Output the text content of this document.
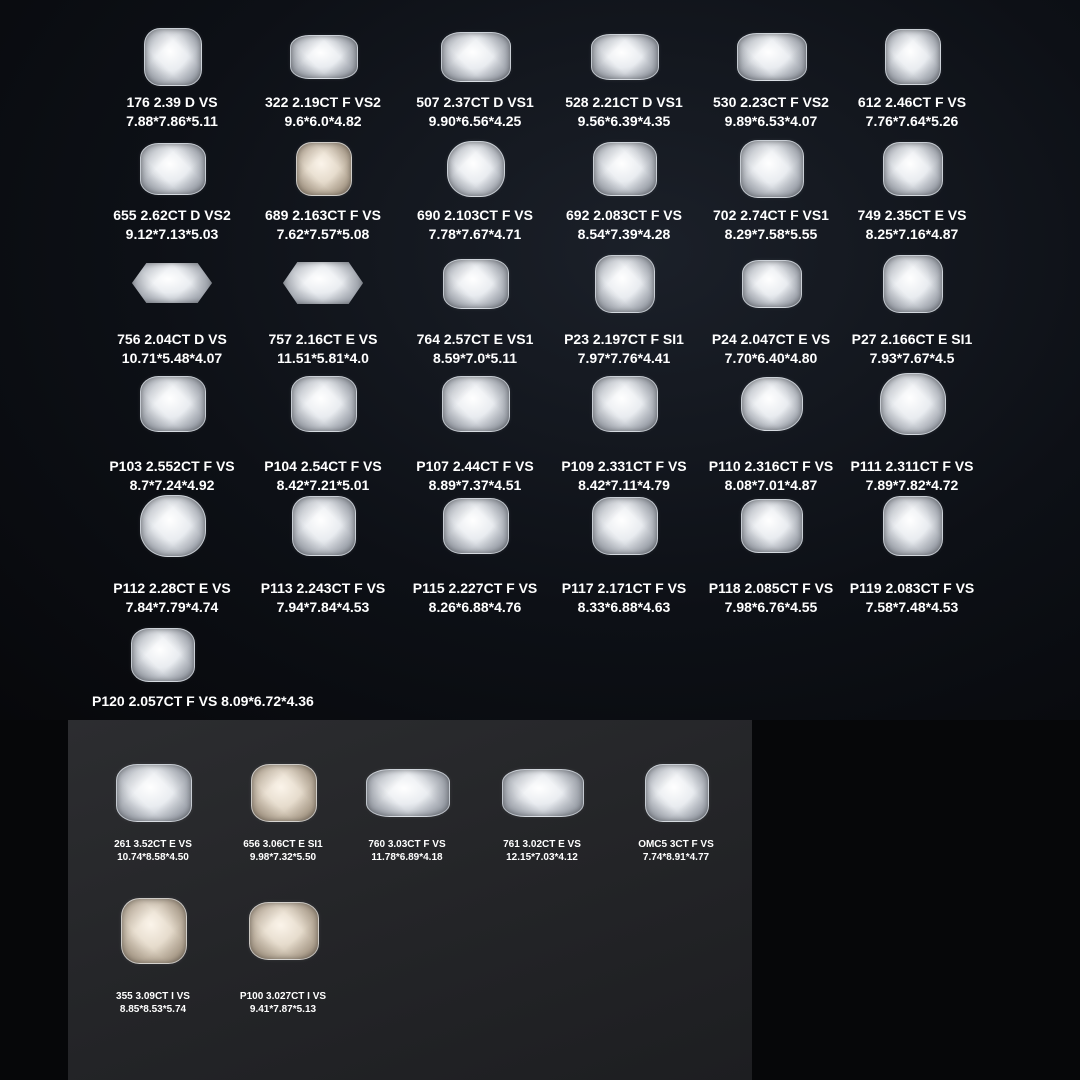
176 2.39 D VS
7.88*7.86*5.11
322 2.19CT F VS2
9.6*6.0*4.82
507 2.37CT D VS1
9.90*6.56*4.25
528 2.21CT D VS1
9.56*6.39*4.35
530 2.23CT F VS2
9.89*6.53*4.07
612 2.46CT F VS
7.76*7.64*5.26
655 2.62CT D VS2
9.12*7.13*5.03
689 2.163CT F VS
7.62*7.57*5.08
690 2.103CT F VS
7.78*7.67*4.71
692 2.083CT F VS
8.54*7.39*4.28
702 2.74CT F VS1
8.29*7.58*5.55
749 2.35CT E VS
8.25*7.16*4.87
756 2.04CT D VS
10.71*5.48*4.07
757 2.16CT E VS
11.51*5.81*4.0
764 2.57CT E VS1
8.59*7.0*5.11
P23 2.197CT F SI1
7.97*7.76*4.41
P24 2.047CT E VS
7.70*6.40*4.80
P27 2.166CT E SI1
7.93*7.67*4.5
P103 2.552CT F VS
8.7*7.24*4.92
P104 2.54CT F VS
8.42*7.21*5.01
P107 2.44CT F VS
8.89*7.37*4.51
P109 2.331CT F VS
8.42*7.11*4.79
P110 2.316CT F VS
8.08*7.01*4.87
P111 2.311CT F VS
7.89*7.82*4.72
P112 2.28CT E VS
7.84*7.79*4.74
P113 2.243CT F VS
7.94*7.84*4.53
P115 2.227CT F VS
8.26*6.88*4.76
P117 2.171CT F VS
8.33*6.88*4.63
P118 2.085CT F VS
7.98*6.76*4.55
P119 2.083CT F VS
7.58*7.48*4.53
P120 2.057CT F VS 8.09*6.72*4.36
261 3.52CT E VS
10.74*8.58*4.50
656 3.06CT E SI1
9.98*7.32*5.50
760 3.03CT F VS
11.78*6.89*4.18
761 3.02CT E VS
12.15*7.03*4.12
OMC5 3CT F VS
7.74*8.91*4.77
355 3.09CT I VS
8.85*8.53*5.74
P100 3.027CT I VS
9.41*7.87*5.13
